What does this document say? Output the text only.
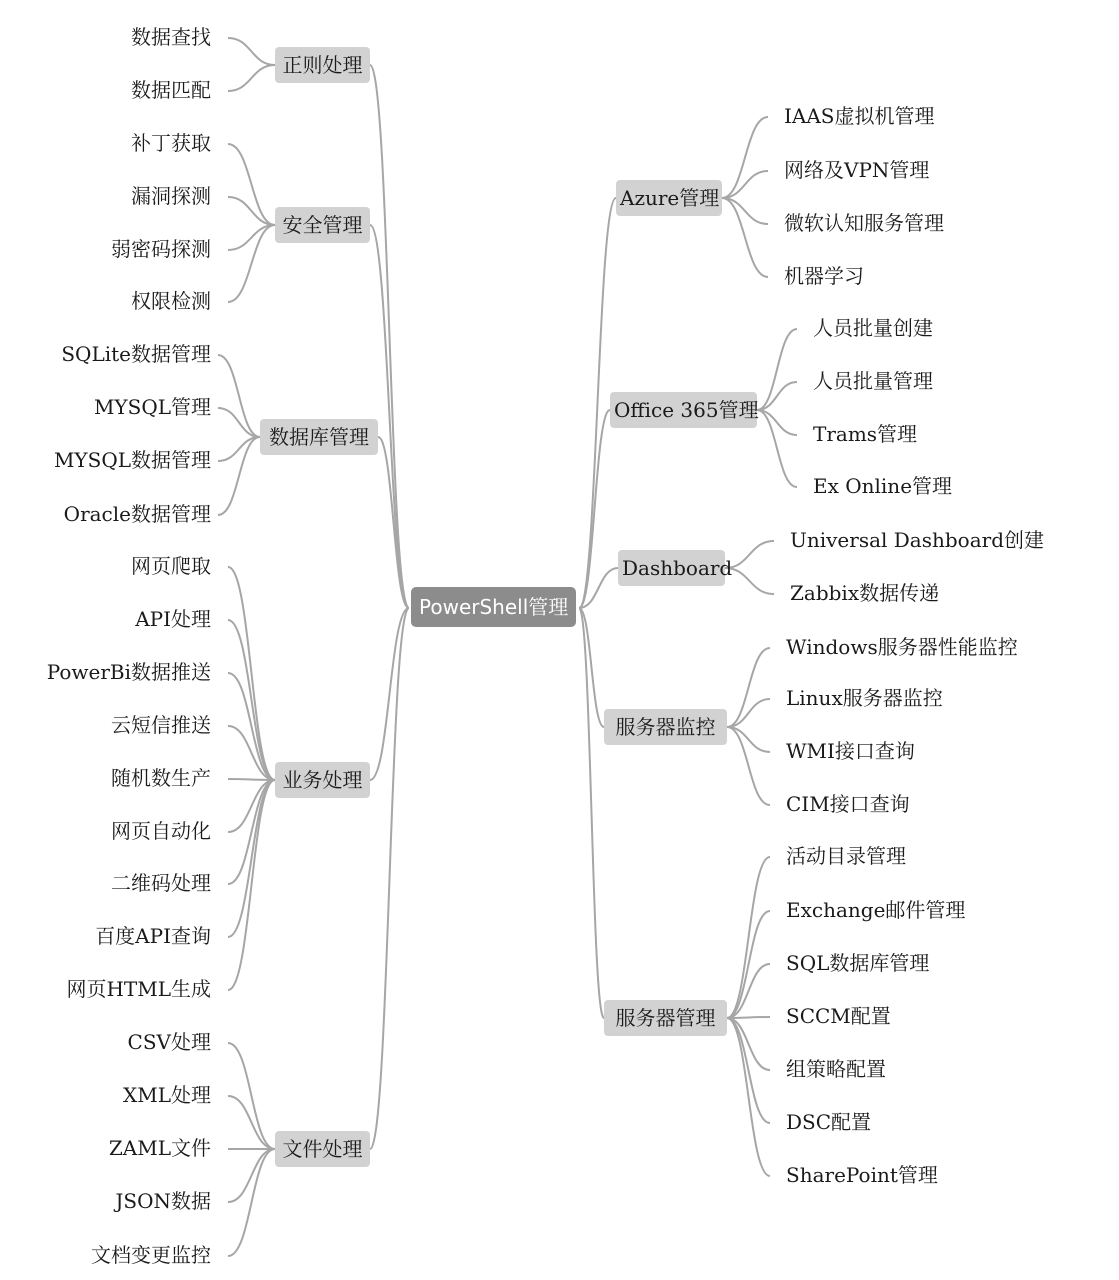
数据查找
数据匹配
正则处理
补丁获取
漏洞探测
弱密码探测
权限检测
安全管理
SQLite数据管理
MYSQL管理
MYSQL数据管理
Oracle数据管理
数据库管理
网页爬取
API处理
PowerBi数据推送
云短信推送
随机数生产
网页自动化
二维码处理
百度API查询
网页HTML生成
业务处理
CSV处理
XML处理
ZAML文件
JSON数据
文档变更监控
文件处理
IAAS虚拟机管理
网络及VPN管理
微软认知服务管理
机器学习
Azure管理
人员批量创建
人员批量管理
Trams管理
Ex Online管理
Office 365管理
Universal Dashboard创建
Zabbix数据传递
Dashboard
Windows服务器性能监控
Linux服务器监控
WMI接口查询
CIM接口查询
服务器监控
活动目录管理
Exchange邮件管理
SQL数据库管理
SCCM配置
组策略配置
DSC配置
SharePoint管理
服务器管理
PowerShell管理
